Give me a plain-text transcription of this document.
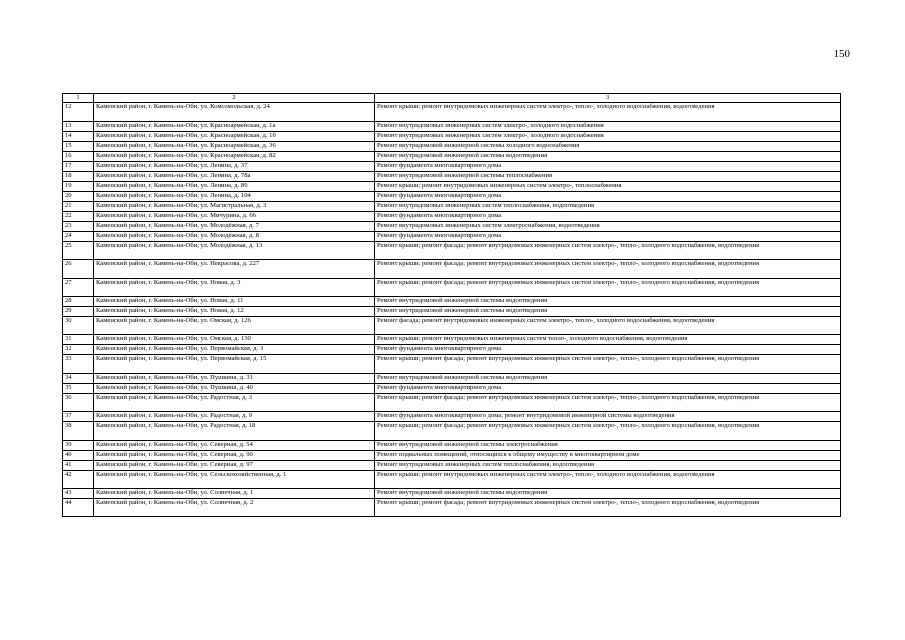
150
1	2	3
12	Каменский район, г. Камень-на-Оби, ул. Комсомольская, д. 24	Ремонт крыши; ремонт внутридомовых инженерных систем электро-, тепло-, холодного водоснабжения, водоотведения
13	Каменский район, г. Камень-на-Оби, ул. Красноармейская, д. 1а	Ремонт внутридомовых инженерных систем электро-, холодного водоснабжения
14	Каменский район, г. Камень-на-Оби, ул. Красноармейская, д. 1б	Ремонт внутридомовых инженерных систем электро-, холодного водоснабжения
15	Каменский район, г. Камень-на-Оби, ул. Красноармейская, д. 36	Ремонт внутридомовой инженерной системы холодного водоснабжения
16	Каменский район, г. Камень-на-Оби, ул. Красноармейская, д. 82	Ремонт внутридомовой инженерной системы водоотведения
17	Каменский район, г. Камень-на-Оби, ул. Ленина, д. 37	Ремонт фундамента многоквартирного дома
18	Каменский район, г. Камень-на-Оби, ул. Ленина, д. 78а	Ремонт внутридомовой инженерной системы теплоснабжения
19	Каменский район, г. Камень-на-Оби, ул. Ленина, д. 89	Ремонт крыши; ремонт внутридомовых инженерных систем электро-, теплоснабжения
20	Каменский район, г. Камень-на-Оби, ул. Ленина, д. 104	Ремонт фундамента многоквартирного дома
21	Каменский район, г. Камень-на-Оби, ул. Магистральная, д. 3	Ремонт внутридомовых инженерных систем теплоснабжения, водоотведения
22	Каменский район, г. Камень-на-Оби, ул. Мичурина, д. 66	Ремонт фундамента многоквартирного дома
23	Каменский район, г. Камень-на-Оби, ул. Молодёжная, д. 7	Ремонт внутридомовых инженерных систем электроснабжения, водоотведения
24	Каменский район, г. Камень-на-Оби, ул. Молодёжная, д. 8	Ремонт фундамента многоквартирного дома
25	Каменский район, г. Камень-на-Оби, ул. Молодёжная, д. 13	Ремонт крыши; ремонт фасада; ремонт внутридомовых инженерных систем электро-, тепло-, холодного водоснабжения, водоотведения
26	Каменский район, г. Камень-на-Оби, ул. Некрасова, д. 227	Ремонт крыши; ремонт фасада; ремонт внутридомовых инженерных систем электро-, тепло-, холодного водоснабжения, водоотведения
27	Каменский район, г. Камень-на-Оби, ул. Новая, д. 3	Ремонт крыши; ремонт фасада; ремонт внутридомовых инженерных систем электро-, тепло-, холодного водоснабжения, водоотведения
28	Каменский район, г. Камень-на-Оби, ул. Новая, д. 11	Ремонт внутридомовой инженерной системы водоотведения
29	Каменский район, г. Камень-на-Оби, ул. Новая, д. 12	Ремонт внутридомовой инженерной системы водоотведения
30	Каменский район, г. Камень-на-Оби, ул. Омская, д. 126	Ремонт фасада; ремонт внутридомовых инженерных систем электро-, тепло-, холодного водоснабжения, водоотведения
31	Каменский район, г. Камень-на-Оби, ул. Омская, д. 130	Ремонт крыши; ремонт внутридомовых инженерных систем тепло-, холодного водоснабжения, водоотведения
32	Каменский район, г. Камень-на-Оби, ул. Первомайская, д. 3	Ремонт фундамента многоквартирного дома
33	Каменский район, г. Камень-на-Оби, ул. Первомайская, д. 15	Ремонт крыши; ремонт фасада; ремонт внутридомовых инженерных систем электро-, тепло-, холодного водоснабжения, водоотведения
34	Каменский район, г. Камень-на-Оби, ул. Пушкина, д. 31	Ремонт внутридомовой инженерной системы водоотведения
35	Каменский район, г. Камень-на-Оби, ул. Пушкина, д. 40	Ремонт фундамента многоквартирного дома
36	Каменский район, г. Камень-на-Оби, ул. Радостная, д. 3	Ремонт крыши; ремонт фасада; ремонт внутридомовых инженерных систем электро-, тепло-, холодного водоснабжения, водоотведения
37	Каменский район, г. Камень-на-Оби, ул. Радостная, д. 9	Ремонт фундамента многоквартирного дома; ремонт внутридомовой инженерной системы водоотведения
38	Каменский район, г. Камень-на-Оби, ул. Радостная, д. 18	Ремонт крыши; ремонт фасада; ремонт внутридомовых инженерных систем электро-, тепло-, холодного водоснабжения, водоотведения
39	Каменский район, г. Камень-на-Оби, ул. Северная, д. 54	Ремонт внутридомовой инженерной системы электроснабжения
40	Каменский район, г. Камень-на-Оби, ул. Северная, д. 90	Ремонт подвальных помещений, относящихся к общему имуществу в многоквартирном доме
41	Каменский район, г. Камень-на-Оби, ул. Северная, д. 97	Ремонт внутридомовых инженерных систем теплоснабжения, водоотведения
42	Каменский район, г. Камень-на-Оби, ул. Сельскохозяйственная, д. 1	Ремонт крыши; ремонт внутридомовых инженерных систем электро-, тепло-, холодного водоснабжения, водоотведения
43	Каменский район, г. Камень-на-Оби, ул. Солнечная, д. 1	Ремонт внутридомовой инженерной системы водоотведения
44	Каменский район, г. Камень-на-Оби, ул. Солнечная, д. 2	Ремонт крыши; ремонт фасада; ремонт внутридомовых инженерных систем электро-, тепло-, холодного водоснабжения, водоотведения
